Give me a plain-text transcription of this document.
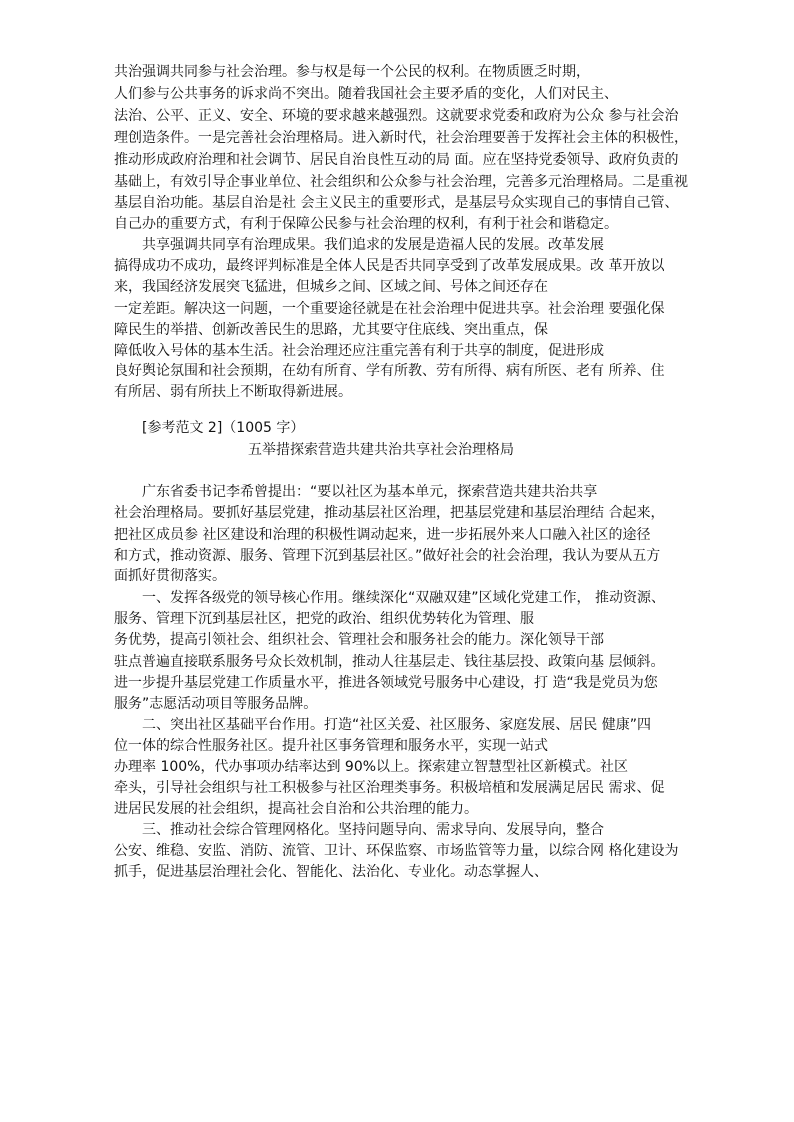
共治强调共同参与社会治理。参与权是每一个公民的权利。在物质匮乏时期，
人们参与公共事务的诉求尚不突出。随着我国社会主要矛盾的变化，人们对民主、
法治、公平、正义、安全、环境的要求越来越强烈。这就要求党委和政府为公众 参与社会治
理创造条件。一是完善社会治理格局。进入新时代，社会治理要善于发挥社会主体的积极性，
推动形成政府治理和社会调节、居民自治良性互动的局 面。应在坚持党委领导、政府负责的
基础上，有效引导企事业单位、社会组织和公众参与社会治理，完善多元治理格局。二是重视
基层自治功能。基层自治是社 会主义民主的重要形式，是基层号众实现自己的事情自己管、
自己办的重要方式，有利于保障公民参与社会治理的权利，有利于社会和谐稳定。
　　共享强调共同享有治理成果。我们追求的发展是造福人民的发展。改革发展
搞得成功不成功，最终评判标准是全体人民是否共同享受到了改革发展成果。改 革开放以
来，我国经济发展突飞猛进，但城乡之间、区域之间、号体之间还存在
一定差距。解决这一问题，一个重要途径就是在社会治理中促进共享。社会治理 要强化保
障民生的举措、创新改善民生的思路，尤其要守住底线、突出重点，保
障低收入号体的基本生活。社会治理还应注重完善有利于共享的制度，促进形成
良好舆论氛围和社会预期，在幼有所育、学有所教、劳有所得、病有所医、老有 所养、住
有所居、弱有所扶上不断取得新进展。
　　[参考范文 2]（1005 字）
五举措探索营造共建共治共享社会治理格局
　　广东省委书记李希曾提出：“要以社区为基本单元，探索营造共建共治共享
社会治理格局。要抓好基层党建，推动基层社区治理，把基层党建和基层治理结 合起来，
把社区成员参 社区建设和治理的积极性调动起来，进一步拓展外来人口融入社区的途径
和方式，推动资源、服务、管理下沉到基层社区。”做好社会的社会治理，我认为要从五方
面抓好贯彻落实。
　　一、发挥各级党的领导核心作用。继续深化“双融双建”区域化党建工作， 推动资源、
服务、管理下沉到基层社区，把党的政治、组织优势转化为管理、服
务优势，提高引领社会、组织社会、管理社会和服务社会的能力。深化领导干部
驻点普遍直接联系服务号众长效机制，推动人往基层走、钱往基层投、政策向基 层倾斜。
进一步提升基层党建工作质量水平，推进各领域党号服务中心建设，打 造“我是党员为您
服务”志愿活动项目等服务品牌。
　　二、突出社区基础平台作用。打造“社区关爱、社区服务、家庭发展、居民 健康”四
位一体的综合性服务社区。提升社区事务管理和服务水平，实现一站式
办理率 100%，代办事项办结率达到 90%以上。探索建立智慧型社区新模式。社区
牵头，引导社会组织与社工积极参与社区治理类事务。积极培植和发展满足居民 需求、促
进居民发展的社会组织，提高社会自治和公共治理的能力。
　　三、推动社会综合管理网格化。坚持问题导向、需求导向、发展导向，整合
公安、维稳、安监、消防、流管、卫计、环保监察、市场监管等力量，以综合网 格化建设为
抓手，促进基层治理社会化、智能化、法治化、专业化。动态掌握人、
